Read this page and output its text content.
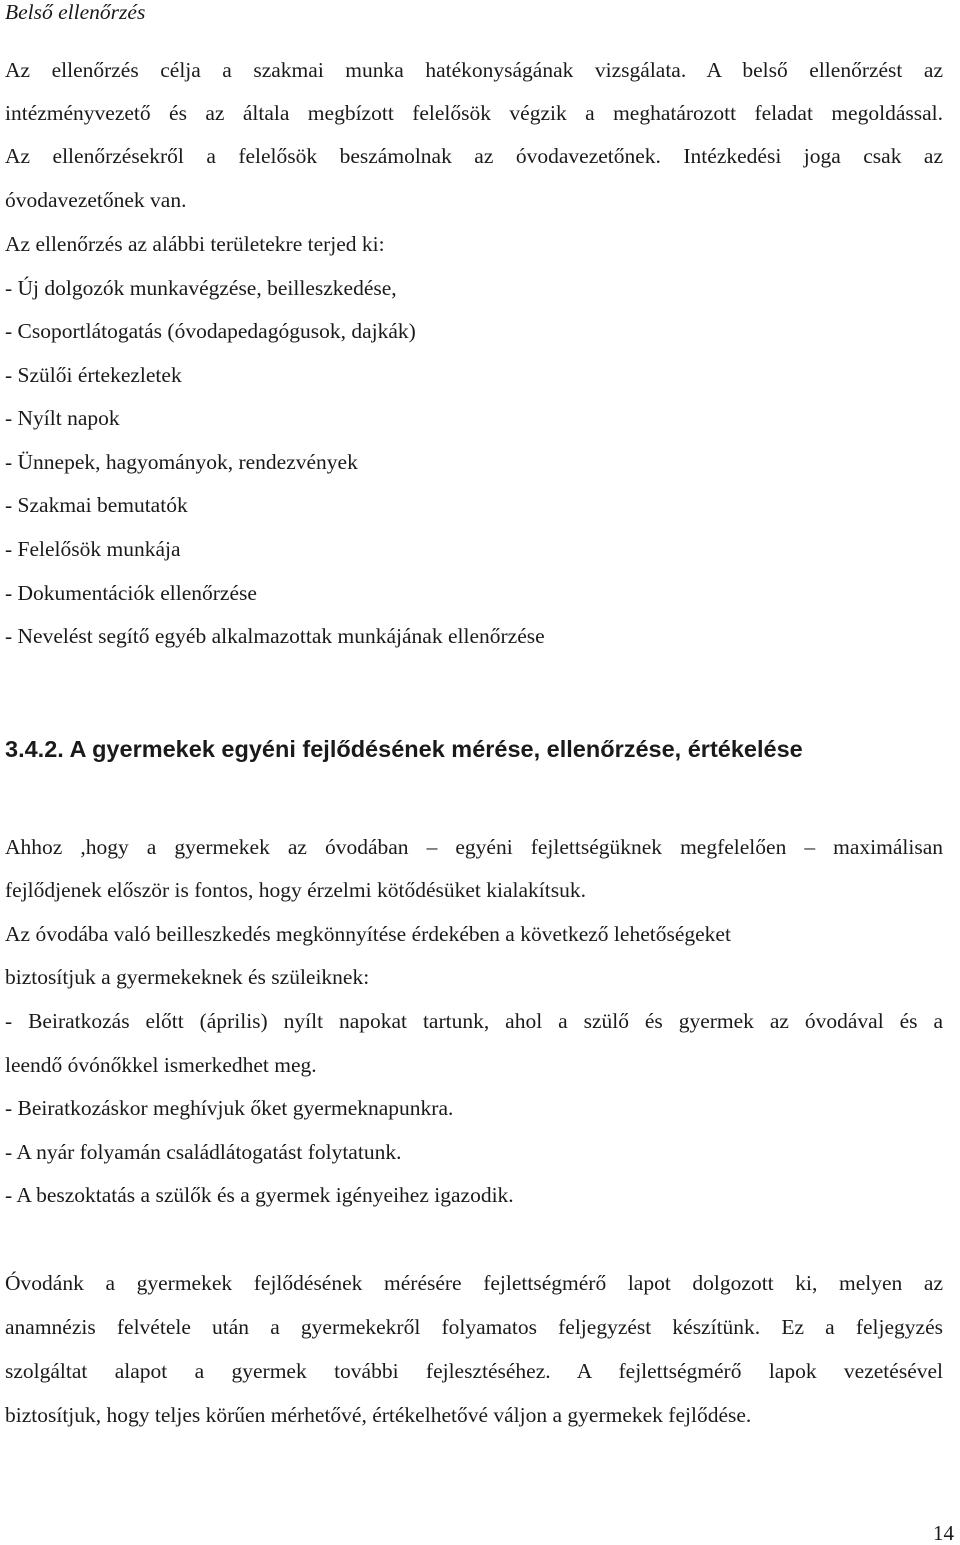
Belső ellenőrzés
Az ellenőrzés célja a szakmai munka hatékonyságának vizsgálata. A belső ellenőrzést az
intézményvezető és az általa megbízott felelősök végzik a meghatározott feladat megoldással.
Az ellenőrzésekről a felelősök beszámolnak az óvodavezetőnek. Intézkedési joga csak az
óvodavezetőnek van.
Az ellenőrzés az alábbi területekre terjed ki:
- Új dolgozók munkavégzése, beilleszkedése,
- Csoportlátogatás (óvodapedagógusok, dajkák)
- Szülői értekezletek
- Nyílt napok
- Ünnepek, hagyományok, rendezvények
- Szakmai bemutatók
- Felelősök munkája
- Dokumentációk ellenőrzése
- Nevelést segítő egyéb alkalmazottak munkájának ellenőrzése
3.4.2. A gyermekek egyéni fejlődésének mérése, ellenőrzése, értékelése
Ahhoz ,hogy a gyermekek az óvodában – egyéni fejlettségüknek megfelelően – maximálisan
fejlődjenek először is fontos, hogy érzelmi kötődésüket kialakítsuk.
Az óvodába való beilleszkedés megkönnyítése érdekében a következő lehetőségeket
biztosítjuk a gyermekeknek és szüleiknek:
- Beiratkozás előtt (április) nyílt napokat tartunk, ahol a szülő és gyermek az óvodával és a
leendő óvónőkkel ismerkedhet meg.
- Beiratkozáskor meghívjuk őket gyermeknapunkra.
- A nyár folyamán családlátogatást folytatunk.
- A beszoktatás a szülők és a gyermek igényeihez igazodik.
Óvodánk a gyermekek fejlődésének mérésére fejlettségmérő lapot dolgozott ki, melyen az
anamnézis felvétele után a gyermekekről folyamatos feljegyzést készítünk. Ez a feljegyzés
szolgáltat alapot a gyermek további fejlesztéséhez. A fejlettségmérő lapok vezetésével
biztosítjuk, hogy teljes körűen mérhetővé, értékelhetővé váljon a gyermekek fejlődése.
14
